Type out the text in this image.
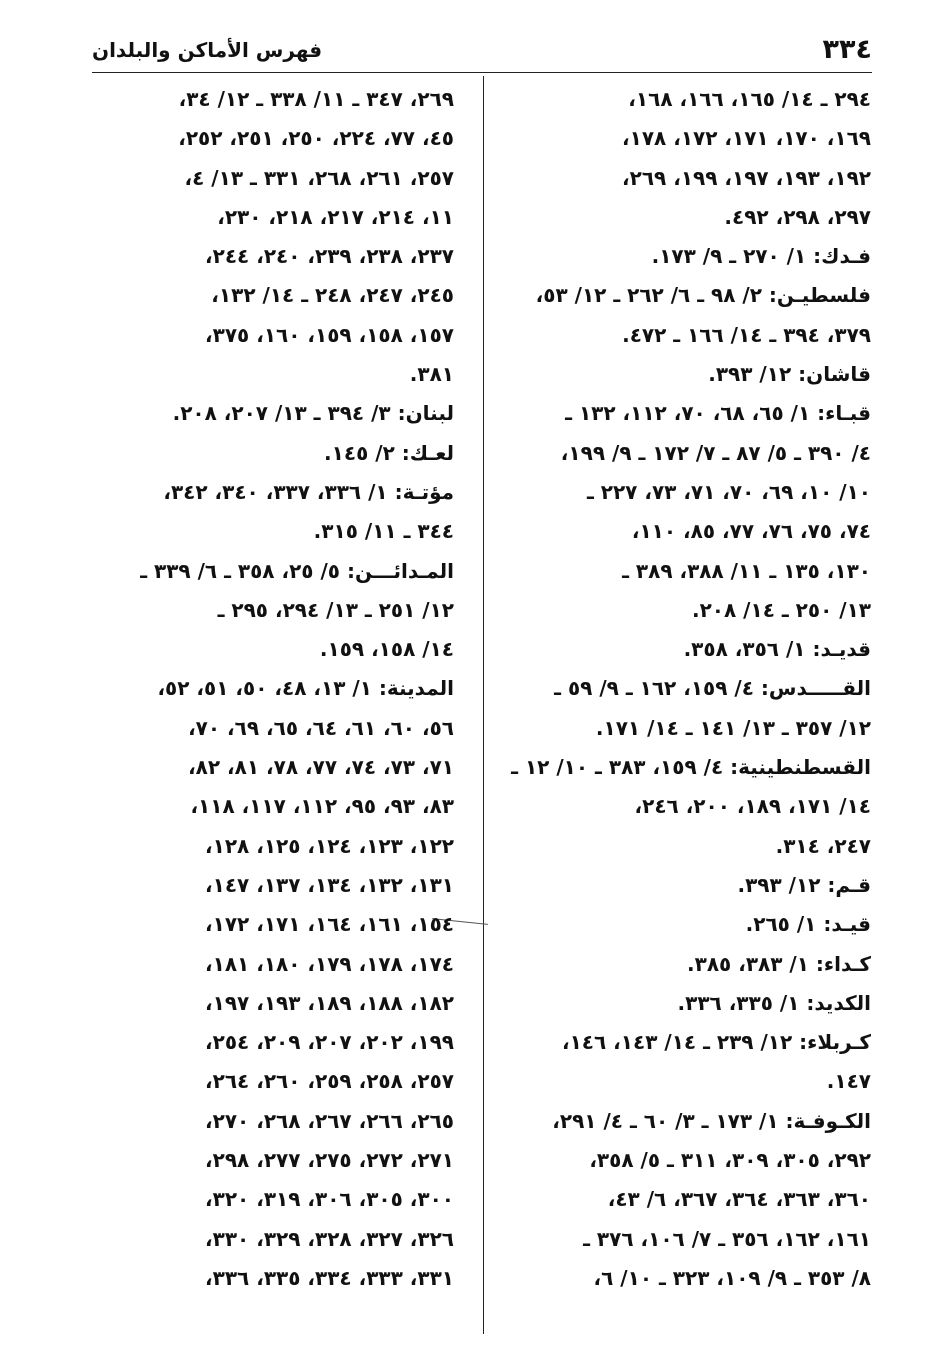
٣٣٤
فهرس الأماكن والبلدان
٢٩٤ ـ ١٤/ ١٦٥، ١٦٦، ١٦٨،
١٦٩، ١٧٠، ١٧١، ١٧٢، ١٧٨،
١٩٢، ١٩٣، ١٩٧، ١٩٩، ٢٦٩،
٢٩٧، ٢٩٨، ٤٩٢.
فـدك: ١/ ٢٧٠ ـ ٩/ ١٧٣.
فلسطيـن: ٢/ ٩٨ ـ ٦/ ٢٦٢ ـ ١٢/ ٥٣،
٣٧٩، ٣٩٤ ـ ١٤/ ١٦٦ ـ ٤٧٢.
قاشان: ١٢/ ٣٩٣.
قبـاء: ١/ ٦٥، ٦٨، ٧٠، ١١٢، ١٣٢ ـ
٤/ ٣٩٠ ـ ٥/ ٨٧ ـ ٧/ ١٧٢ ـ ٩/ ١٩٩،
١٠/ ١٠، ٦٩، ٧٠، ٧١، ٧٣، ٢٢٧ ـ
٧٤، ٧٥، ٧٦، ٧٧، ٨٥، ١١٠،
١٣٠، ١٣٥ ـ ١١/ ٣٨٨، ٣٨٩ ـ
١٣/ ٢٥٠ ـ ١٤/ ٢٠٨.
قديـد: ١/ ٣٥٦، ٣٥٨.
القـــــدس: ٤/ ١٥٩، ١٦٢ ـ ٩/ ٥٩ ـ
١٢/ ٣٥٧ ـ ١٣/ ١٤١ ـ ١٤/ ١٧١.
القسطنطينية: ٤/ ١٥٩، ٣٨٣ ـ ١٠/ ١٢ ـ
١٤/ ١٧١، ١٨٩، ٢٠٠، ٢٤٦،
٢٤٧، ٣١٤.
قـم: ١٢/ ٣٩٣.
قيـد: ١/ ٢٦٥.
كـداء: ١/ ٣٨٣، ٣٨٥.
الكديد: ١/ ٣٣٥، ٣٣٦.
كـربلاء: ١٢/ ٢٣٩ ـ ١٤/ ١٤٣، ١٤٦،
١٤٧.
الكـوفـة: ١/ ١٧٣ ـ ٣/ ٦٠ ـ ٤/ ٢٩١،
٢٩٢، ٣٠٥، ٣٠٩، ٣١١ ـ ٥/ ٣٥٨،
٣٦٠، ٣٦٣، ٣٦٤، ٣٦٧، ٦/ ٤٣،
١٦١، ١٦٢، ٣٥٦ ـ ٧/ ١٠٦، ٣٧٦ ـ
٨/ ٣٥٣ ـ ٩/ ١٠٩، ٣٢٣ ـ ١٠/ ٦،
٢٦٩، ٣٤٧ ـ ١١/ ٣٣٨ ـ ١٢/ ٣٤،
٤٥، ٧٧، ٢٢٤، ٢٥٠، ٢٥١، ٢٥٢،
٢٥٧، ٢٦١، ٢٦٨، ٣٣١ ـ ١٣/ ٤،
١١، ٢١٤، ٢١٧، ٢١٨، ٢٣٠،
٢٣٧، ٢٣٨، ٢٣٩، ٢٤٠، ٢٤٤،
٢٤٥، ٢٤٧، ٢٤٨ ـ ١٤/ ١٣٢،
١٥٧، ١٥٨، ١٥٩، ١٦٠، ٣٧٥،
٣٨١.
لبنان: ٣/ ٣٩٤ ـ ١٣/ ٢٠٧، ٢٠٨.
لعـك: ٢/ ١٤٥.
مؤتـة: ١/ ٣٣٦، ٣٣٧، ٣٤٠، ٣٤٢،
٣٤٤ ـ ١١/ ٣١٥.
المـدائـــن: ٥/ ٢٥، ٣٥٨ ـ ٦/ ٣٣٩ ـ
١٢/ ٢٥١ ـ ١٣/ ٢٩٤، ٢٩٥ ـ
١٤/ ١٥٨، ١٥٩.
المدينة: ١/ ١٣، ٤٨، ٥٠، ٥١، ٥٢،
٥٦، ٦٠، ٦١، ٦٤، ٦٥، ٦٩، ٧٠،
٧١، ٧٣، ٧٤، ٧٧، ٧٨، ٨١، ٨٢،
٨٣، ٩٣، ٩٥، ١١٢، ١١٧، ١١٨،
١٢٢، ١٢٣، ١٢٤، ١٢٥، ١٢٨،
١٣١، ١٣٢، ١٣٤، ١٣٧، ١٤٧،
١٥٤، ١٦١، ١٦٤، ١٧١، ١٧٢،
١٧٤، ١٧٨، ١٧٩، ١٨٠، ١٨١،
١٨٢، ١٨٨، ١٨٩، ١٩٣، ١٩٧،
١٩٩، ٢٠٢، ٢٠٧، ٢٠٩، ٢٥٤،
٢٥٧، ٢٥٨، ٢٥٩، ٢٦٠، ٢٦٤،
٢٦٥، ٢٦٦، ٢٦٧، ٢٦٨، ٢٧٠،
٢٧١، ٢٧٢، ٢٧٥، ٢٧٧، ٢٩٨،
٣٠٠، ٣٠٥، ٣٠٦، ٣١٩، ٣٢٠،
٣٢٦، ٣٢٧، ٣٢٨، ٣٢٩، ٣٣٠،
٣٣١، ٣٣٣، ٣٣٤، ٣٣٥، ٣٣٦،
